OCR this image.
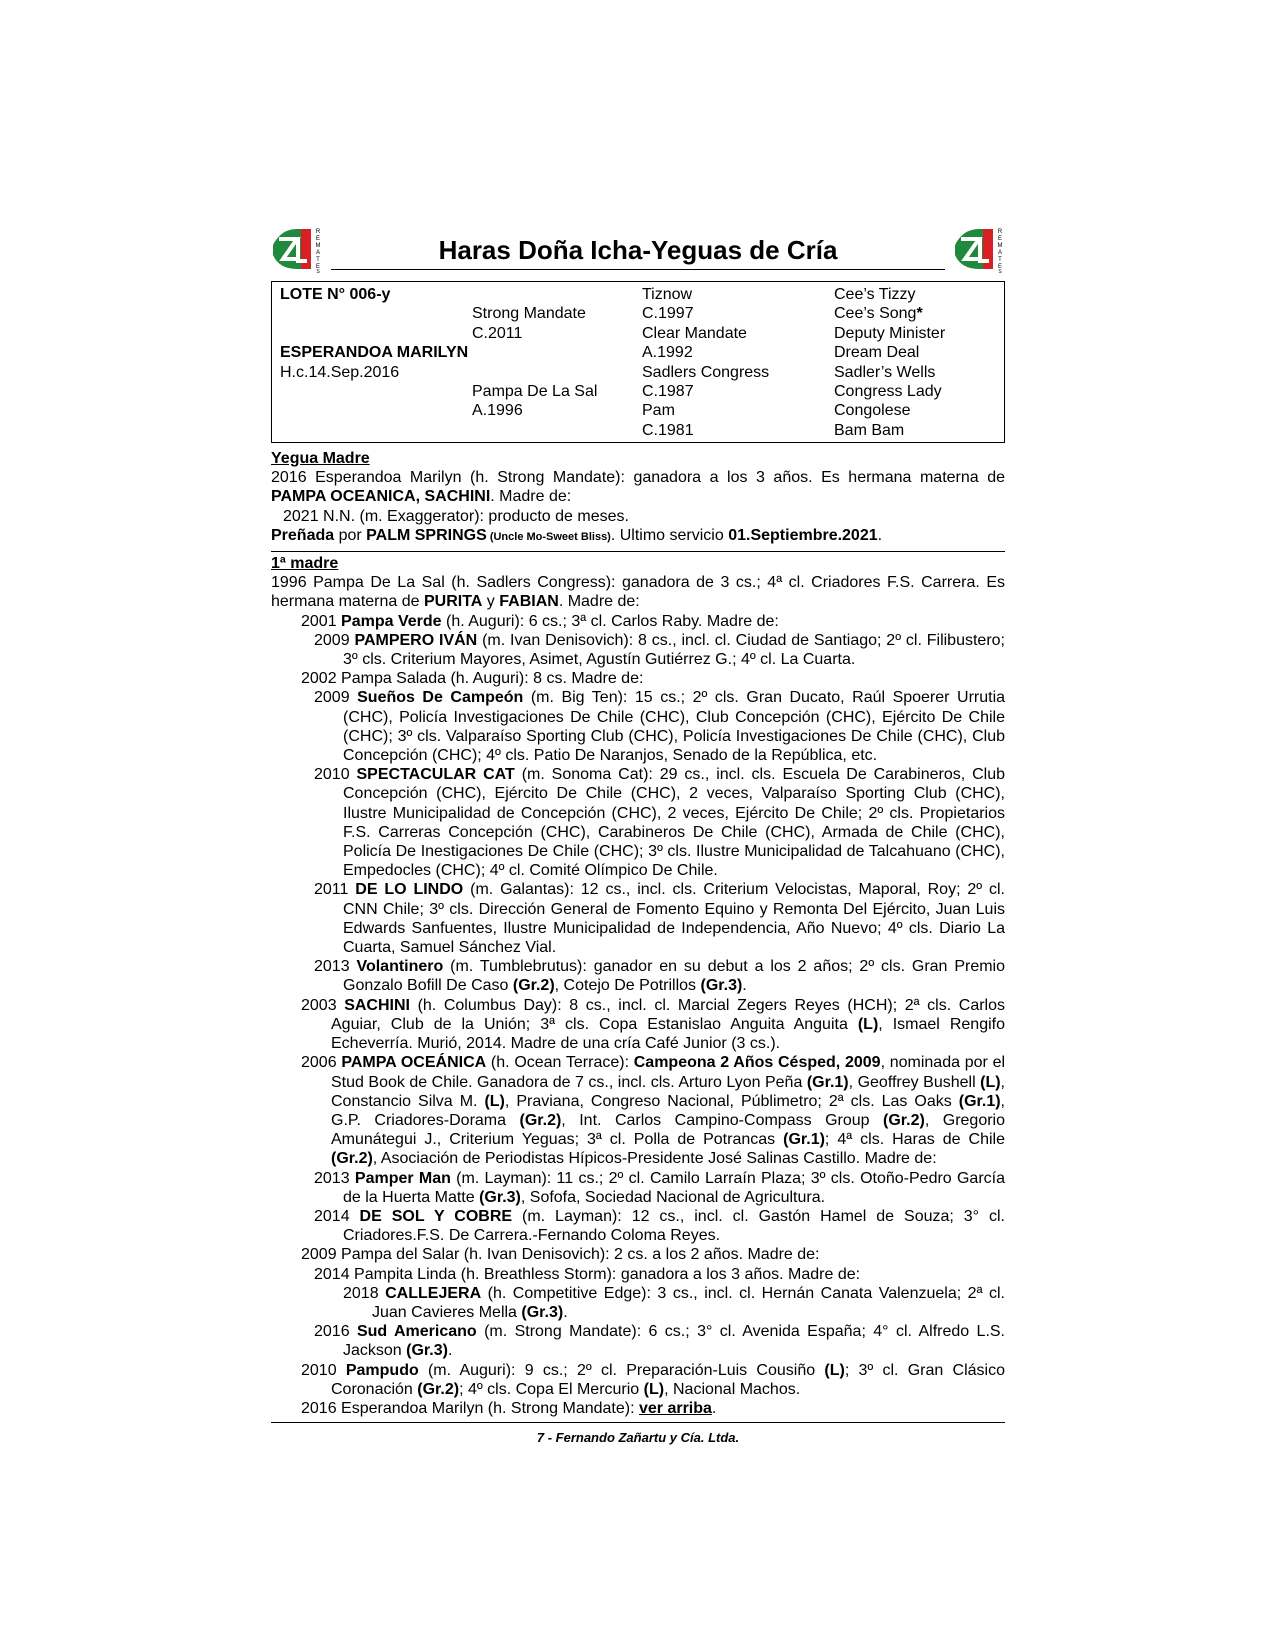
R
E
M
A
T
E
S
Haras Doña Icha-Yeguas de Cría
R
E
M
A
T
E
S
LOTE N° 006-y
ESPERANDOA MARILYN
H.c.14.Sep.2016
Strong Mandate
C.2011
Pampa De La Sal
A.1996
Tiznow
C.1997
Clear Mandate
A.1992
Sadlers Congress
C.1987
Pam
C.1981
Cee’s Tizzy
Cee’s Song*
Deputy Minister
Dream Deal
Sadler’s Wells
Congress Lady
Congolese
Bam Bam
Yegua Madre

2016 Esperandoa Marilyn (h. Strong Mandate): ganadora a los 3 años. Es hermana materna de PAMPA OCEANICA, SACHINI. Madre de:

2021 N.N. (m. Exaggerator): producto de meses.

Preñada por PALM SPRINGS (Uncle Mo-Sweet Bliss). Ultimo servicio 01.Septiembre.2021.

1ª madre

1996 Pampa De La Sal (h. Sadlers Congress): ganadora de 3 cs.; 4ª cl. Criadores F.S. Carrera. Es hermana materna de PURITA y FABIAN. Madre de:

2001 Pampa Verde (h. Auguri): 6 cs.; 3ª cl. Carlos Raby. Madre de:

2009 PAMPERO IVÁN (m. Ivan Denisovich): 8 cs., incl. cl. Ciudad de Santiago; 2º cl. Filibustero; 3º cls. Criterium Mayores, Asimet, Agustín Gutiérrez G.; 4º cl. La Cuarta.

2002 Pampa Salada (h. Auguri): 8 cs. Madre de:

2009 Sueños De Campeón (m. Big Ten): 15 cs.; 2º cls. Gran Ducato, Raúl Spoerer Urrutia (CHC), Policía Investigaciones De Chile (CHC), Club Concepción (CHC), Ejército De Chile (CHC); 3º cls. Valparaíso Sporting Club (CHC), Policía Investigaciones De Chile (CHC), Club Concepción (CHC); 4º cls. Patio De Naranjos, Senado de la República, etc.

2010 SPECTACULAR CAT (m. Sonoma Cat): 29 cs., incl. cls. Escuela De Carabineros, Club Concepción (CHC), Ejército De Chile (CHC), 2 veces, Valparaíso Sporting Club (CHC), Ilustre Municipalidad de Concepción (CHC), 2 veces, Ejército De Chile; 2º cls. Propietarios F.S. Carreras Concepción (CHC), Carabineros De Chile (CHC), Armada de Chile (CHC), Policía De Inestigaciones De Chile (CHC); 3º cls. Ilustre Municipalidad de Talcahuano (CHC), Empedocles (CHC); 4º cl. Comité Olímpico De Chile.

2011 DE LO LINDO (m. Galantas): 12 cs., incl. cls. Criterium Velocistas, Maporal, Roy; 2º cl. CNN Chile; 3º cls. Dirección General de Fomento Equino y Remonta Del Ejército, Juan Luis Edwards Sanfuentes, Ilustre Municipalidad de Independencia, Año Nuevo; 4º cls. Diario La Cuarta, Samuel Sánchez Vial.

2013 Volantinero (m. Tumblebrutus): ganador en su debut a los 2 años; 2º cls. Gran Premio Gonzalo Bofill De Caso (Gr.2), Cotejo De Potrillos (Gr.3).

2003 SACHINI (h. Columbus Day): 8 cs., incl. cl. Marcial Zegers Reyes (HCH); 2ª cls. Carlos Aguiar, Club de la Unión; 3ª cls. Copa Estanislao Anguita Anguita (L), Ismael Rengifo Echeverría. Murió, 2014. Madre de una cría Café Junior (3 cs.).

2006 PAMPA OCEÁNICA (h. Ocean Terrace): Campeona 2 Años Césped, 2009, nominada por el Stud Book de Chile. Ganadora de 7 cs., incl. cls. Arturo Lyon Peña (Gr.1), Geoffrey Bushell (L), Constancio Silva M. (L), Praviana, Congreso Nacional, Públimetro; 2ª cls. Las Oaks (Gr.1), G.P. Criadores-Dorama (Gr.2), Int. Carlos Campino-Compass Group (Gr.2), Gregorio Amunátegui J., Criterium Yeguas; 3ª cl. Polla de Potrancas (Gr.1); 4ª cls. Haras de Chile (Gr.2), Asociación de Periodistas Hípicos-Presidente José Salinas Castillo. Madre de:

2013 Pamper Man (m. Layman): 11 cs.; 2º cl. Camilo Larraín Plaza; 3º cls. Otoño-Pedro García de la Huerta Matte (Gr.3), Sofofa, Sociedad Nacional de Agricultura.

2014 DE SOL Y COBRE (m. Layman): 12 cs., incl. cl. Gastón Hamel de Souza; 3° cl. Criadores.F.S. De Carrera.-Fernando Coloma Reyes.

2009 Pampa del Salar (h. Ivan Denisovich): 2 cs. a los 2 años. Madre de:

2014 Pampita Linda (h. Breathless Storm): ganadora a los 3 años. Madre de:

2018 CALLEJERA (h. Competitive Edge): 3 cs., incl. cl. Hernán Canata Valenzuela; 2ª cl. Juan Cavieres Mella (Gr.3).

2016 Sud Americano (m. Strong Mandate): 6 cs.; 3° cl. Avenida España; 4° cl. Alfredo L.S. Jackson (Gr.3).

2010 Pampudo (m. Auguri): 9 cs.; 2º cl. Preparación-Luis Cousiño (L); 3º cl. Gran Clásico Coronación (Gr.2); 4º cls. Copa El Mercurio (L), Nacional Machos.

2016 Esperandoa Marilyn (h. Strong Mandate): ver arriba.

7 - Fernando Zañartu y Cía. Ltda.
